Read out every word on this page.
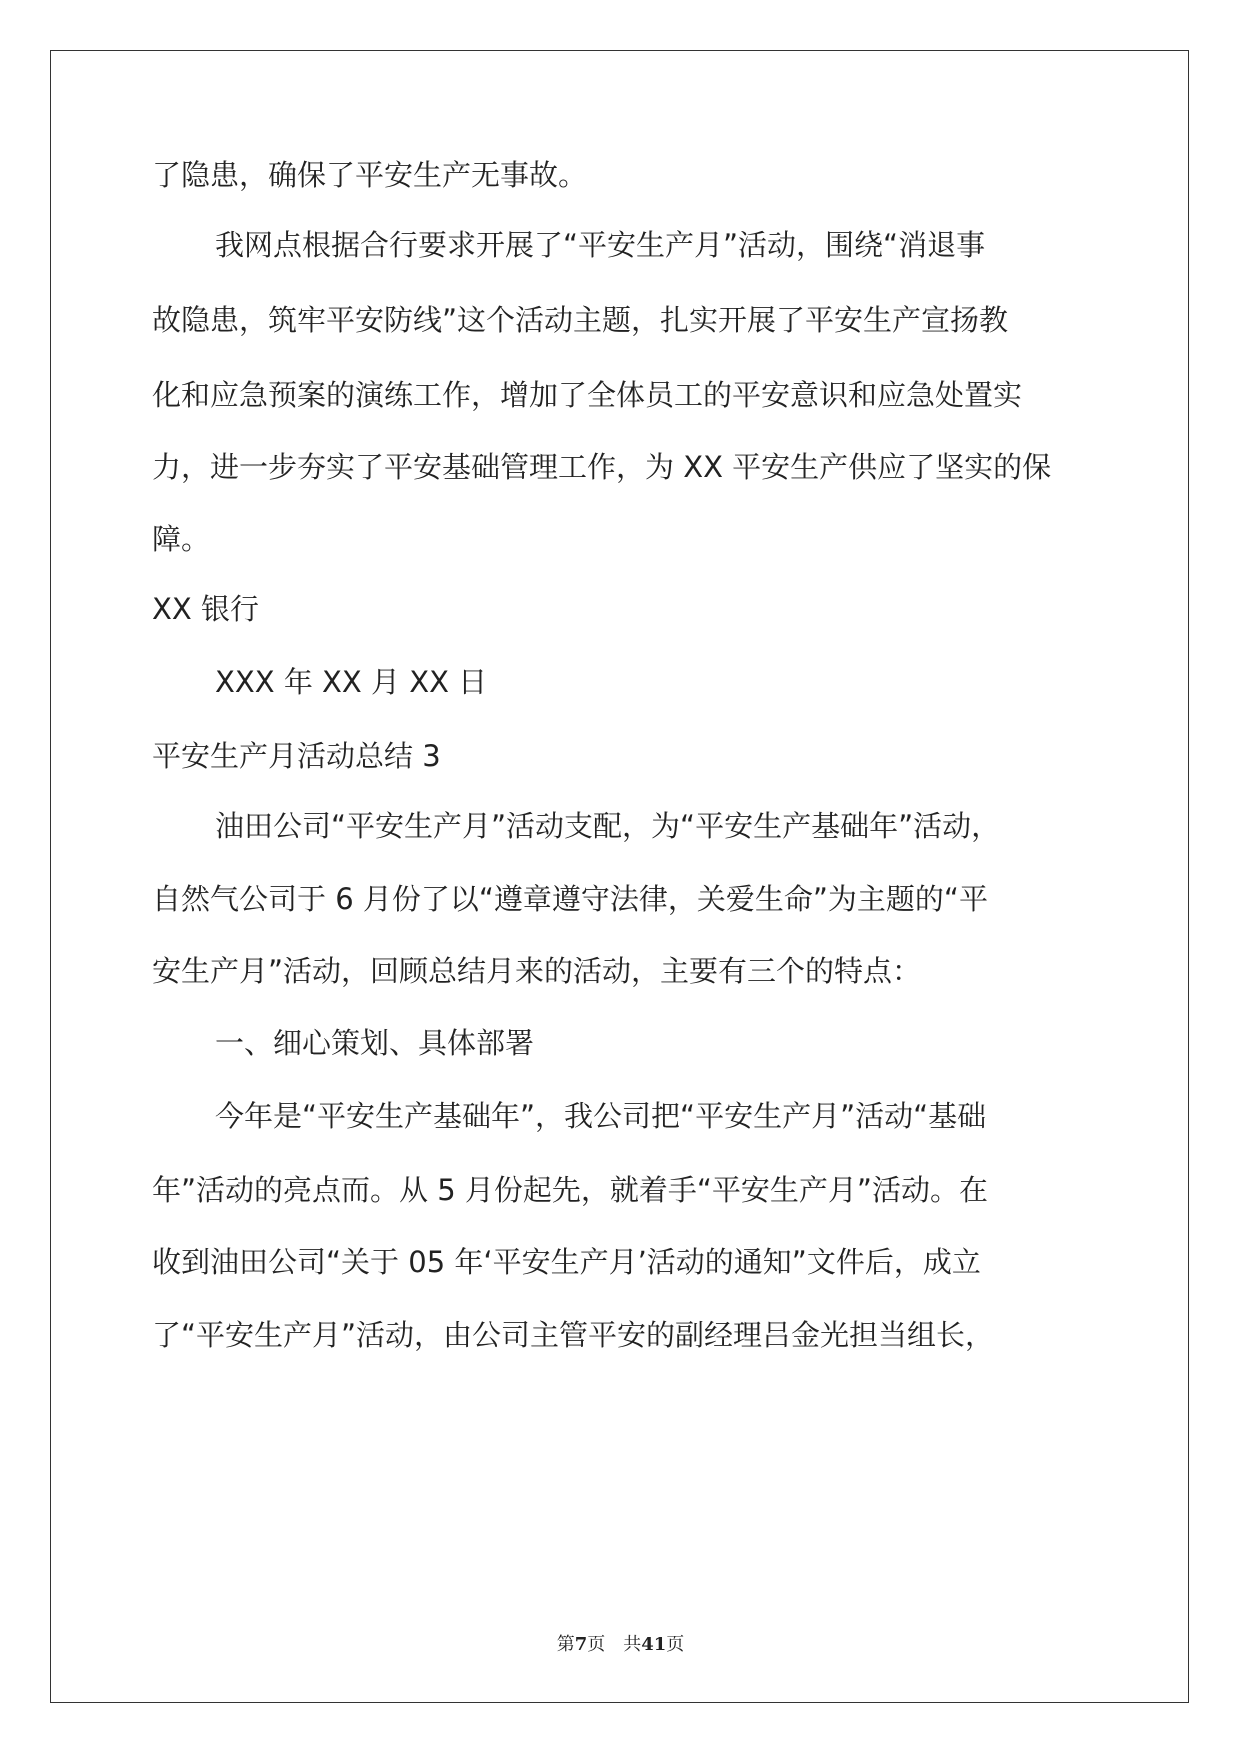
了隐患，确保了平安生产无事故。
我网点根据合行要求开展了“平安生产月”活动，围绕“消退事
故隐患，筑牢平安防线”这个活动主题，扎实开展了平安生产宣扬教
化和应急预案的演练工作，增加了全体员工的平安意识和应急处置实
力，进一步夯实了平安基础管理工作，为 XX 平安生产供应了坚实的保
障。
XX 银行
XXX 年 XX 月 XX 日
平安生产月活动总结 3
油田公司“平安生产月”活动支配，为“平安生产基础年”活动，
自然气公司于 6 月份了以“遵章遵守法律，关爱生命”为主题的“平
安生产月”活动，回顾总结月来的活动，主要有三个的特点：
一、细心策划、具体部署
今年是“平安生产基础年”，我公司把“平安生产月”活动“基础
年”活动的亮点而。从 5 月份起先，就着手“平安生产月”活动。在
收到油田公司“关于 05 年‘平安生产月’活动的通知”文件后，成立
了“平安生产月”活动，由公司主管平安的副经理吕金光担当组长，
第7页 共41页
